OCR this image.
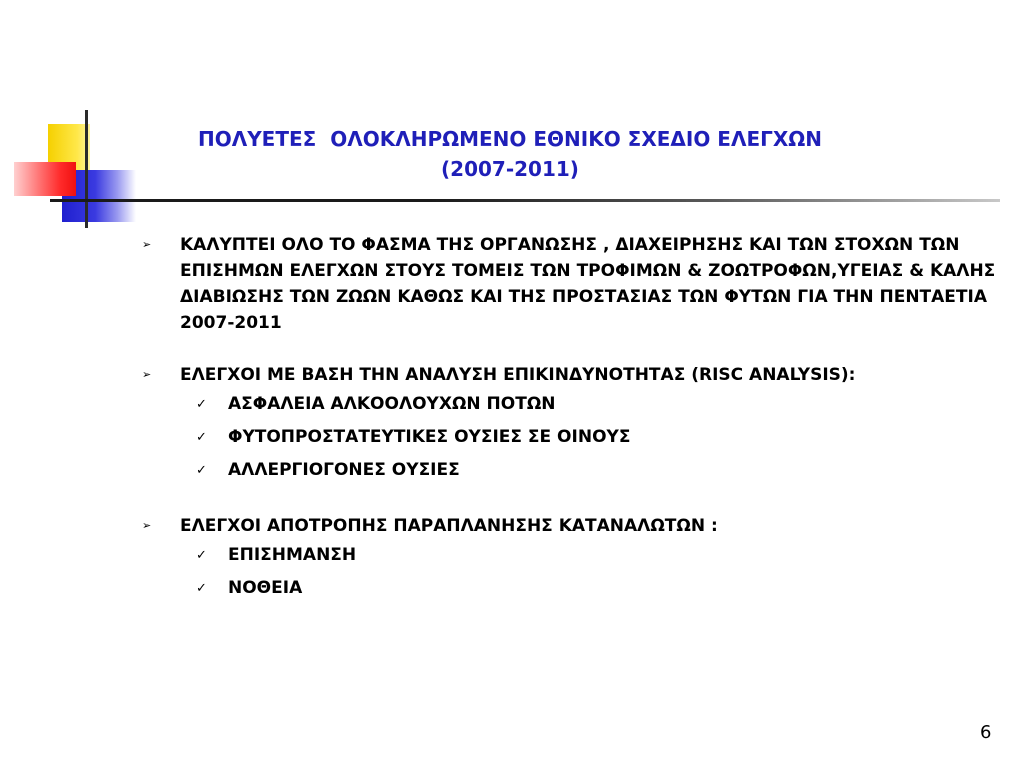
ΠΟΛΥΕΤΕΣ  ΟΛΟΚΛΗΡΩΜΕΝΟ ΕΘΝΙΚΟ ΣΧΕΔΙΟ ΕΛΕΓΧΩΝ
(2007-2011)
➢ ΚΑΛΥΠΤΕΙ ΟΛΟ ΤΟ ΦΑΣΜΑ ΤΗΣ ΟΡΓΑΝΩΣΗΣ , ΔΙΑΧΕΙΡΗΣΗΣ ΚΑΙ ΤΩΝ ΣΤΟΧΩΝ ΤΩΝ ΕΠΙΣΗΜΩΝ ΕΛΕΓΧΩΝ ΣΤΟΥΣ ΤΟΜΕΙΣ ΤΩΝ ΤΡΟΦΙΜΩΝ & ΖΟΩΤΡΟΦΩΝ,ΥΓΕΙΑΣ & ΚΑΛΗΣ ΔΙΑΒΙΩΣΗΣ ΤΩΝ ΖΩΩΝ ΚΑΘΩΣ ΚΑΙ ΤΗΣ ΠΡΟΣΤΑΣΙΑΣ ΤΩΝ ΦΥΤΩΝ ΓΙΑ ΤΗΝ ΠΕΝΤΑΕΤΙΑ 2007-2011
➢ ΕΛΕΓΧΟΙ ΜΕ ΒΑΣΗ ΤΗΝ ΑΝΑΛΥΣΗ ΕΠΙΚΙΝΔΥΝΟΤΗΤΑΣ (RISC ANALYSIS):
✓ ΑΣΦΑΛΕΙΑ ΑΛΚΟΟΛΟΥΧΩΝ ΠΟΤΩΝ
✓ ΦΥΤΟΠΡΟΣΤΑΤΕΥΤΙΚΕΣ ΟΥΣΙΕΣ ΣΕ ΟΙΝΟΥΣ
✓ ΑΛΛΕΡΓΙΟΓΟΝΕΣ ΟΥΣΙΕΣ
➢ ΕΛΕΓΧΟΙ ΑΠΟΤΡΟΠΗΣ ΠΑΡΑΠΛΑΝΗΣΗΣ ΚΑΤΑΝΑΛΩΤΩΝ :
✓ ΕΠΙΣΗΜΑΝΣΗ
✓ ΝΟΘΕΙΑ
6
